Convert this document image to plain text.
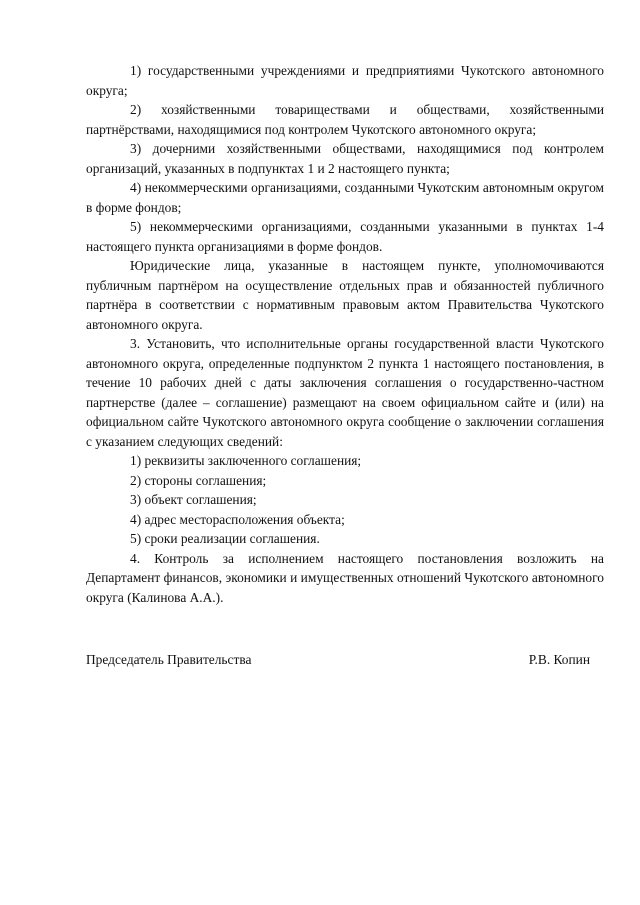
1) государственными учреждениями и предприятиями Чукотского автономного округа;

2) хозяйственными товариществами и обществами, хозяйственными партнёрствами, находящимися под контролем Чукотского автономного округа;

3) дочерними хозяйственными обществами, находящимися под контролем организаций, указанных в подпунктах 1 и 2 настоящего пункта;

4) некоммерческими организациями, созданными Чукотским автономным округом в форме фондов;

5) некоммерческими организациями, созданными указанными в пунктах 1-4 настоящего пункта организациями в форме фондов.

Юридические лица, указанные в настоящем пункте, уполномочиваются публичным партнёром на осуществление отдельных прав и обязанностей публичного партнёра в соответствии с нормативным правовым актом Правительства Чукотского автономного округа.

3. Установить, что исполнительные органы государственной власти Чукотского автономного округа, определенные подпунктом 2 пункта 1 настоящего постановления, в течение 10 рабочих дней с даты заключения соглашения о государственно-частном партнерстве (далее – соглашение) размещают на своем официальном сайте и (или) на официальном сайте Чукотского автономного округа сообщение о заключении соглашения с указанием следующих сведений:

1) реквизиты заключенного соглашения;

2) стороны соглашения;

3) объект соглашения;

4) адрес месторасположения объекта;

5) сроки реализации соглашения.

4. Контроль за исполнением настоящего постановления возложить на Департамент финансов, экономики и имущественных отношений Чукотского автономного округа (Калинова А.А.).

Председатель Правительства	Р.В. Копин
